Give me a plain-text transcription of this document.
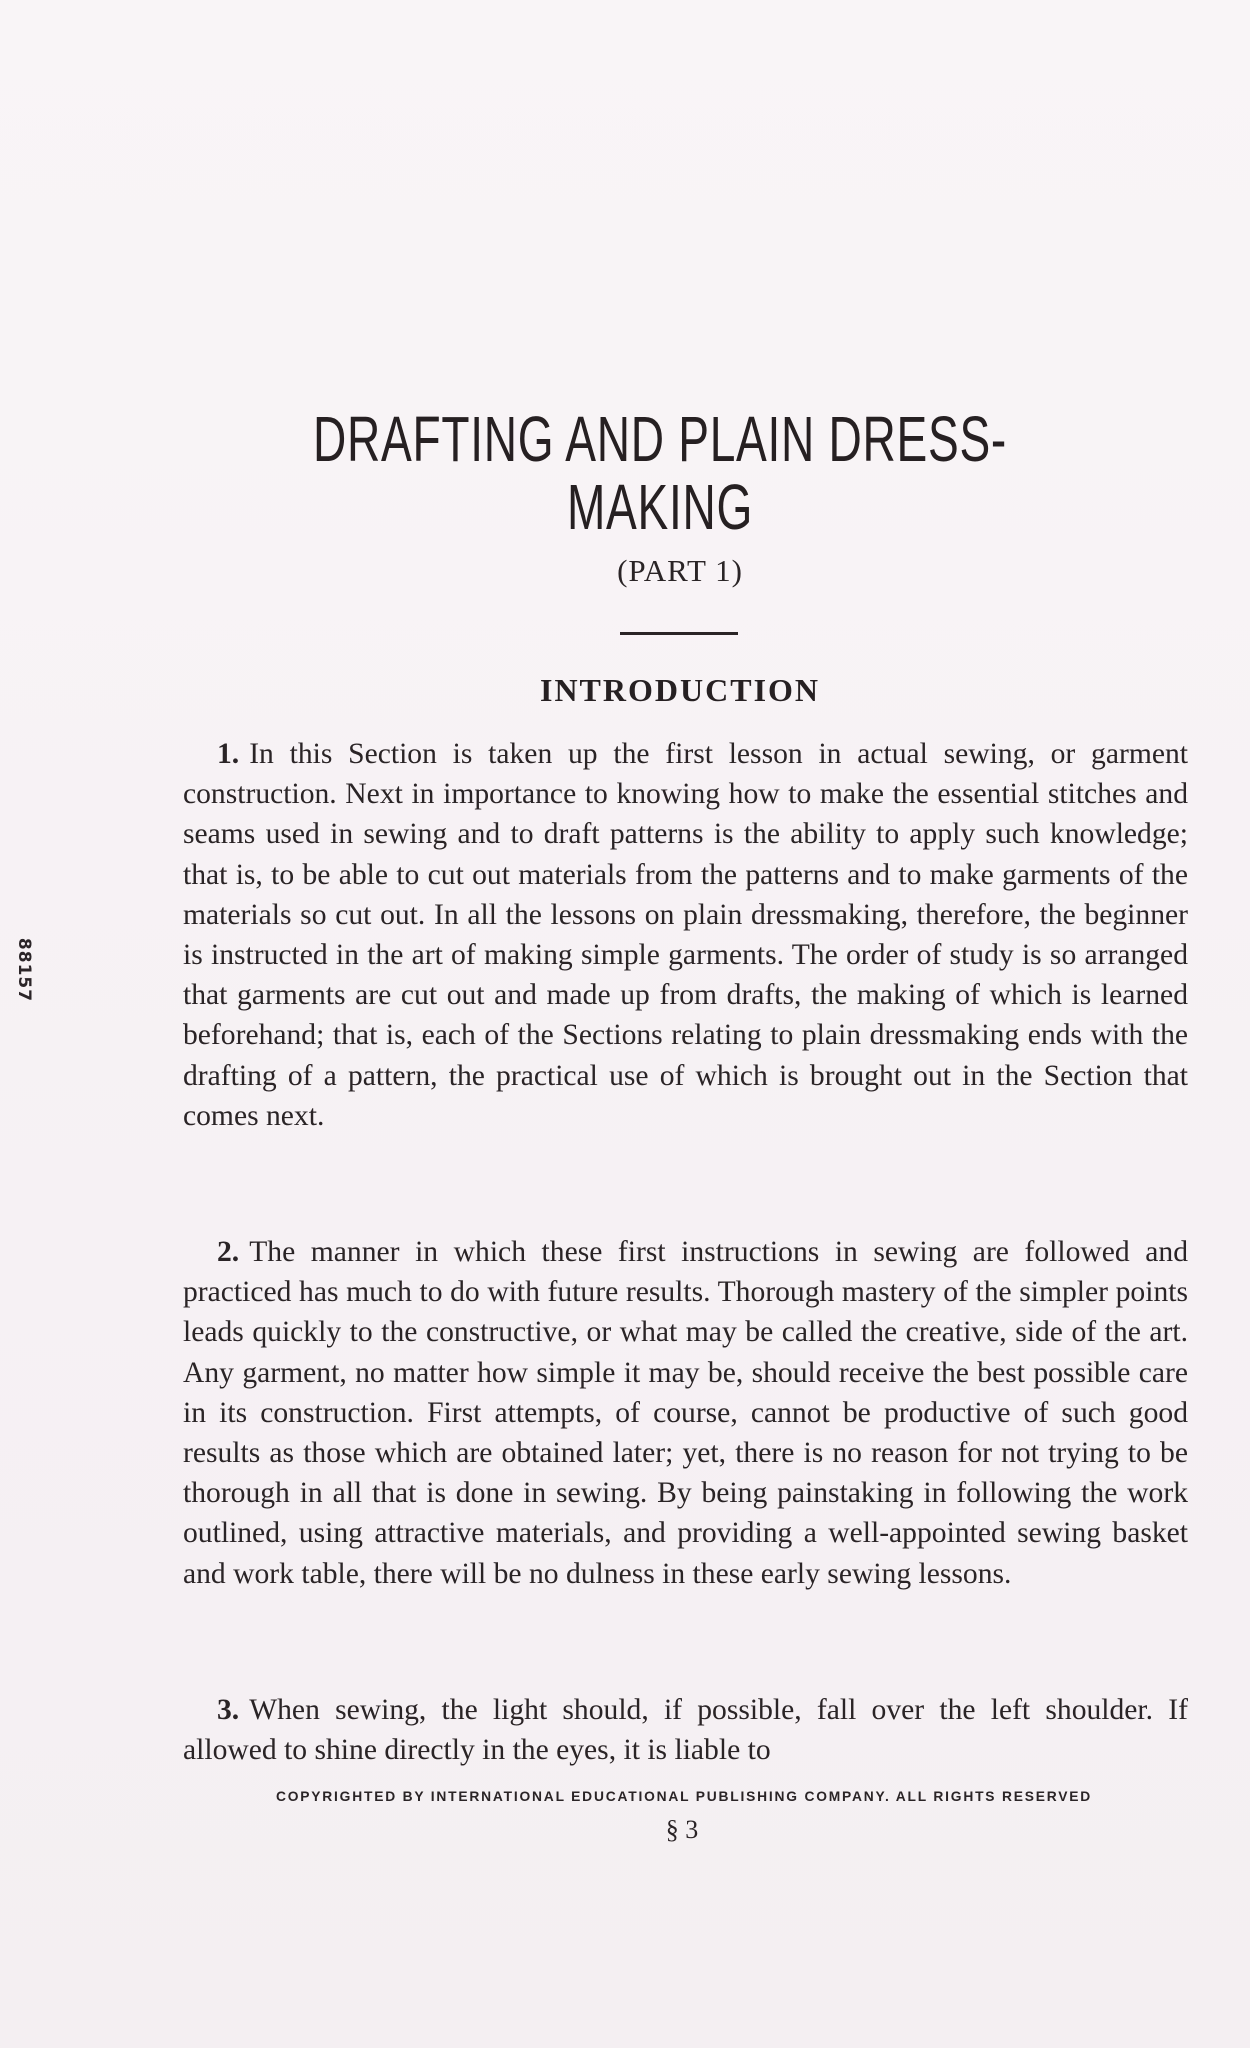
88157
DRAFTING AND PLAIN DRESS-
MAKING
(PART 1)
INTRODUCTION

1. In this Section is taken up the first lesson in actual sewing, or garment construction. Next in importance to knowing how to make the essential stitches and seams used in sewing and to draft patterns is the ability to apply such knowledge; that is, to be able to cut out materials from the patterns and to make garments of the materials so cut out. In all the lessons on plain dressmaking, therefore, the beginner is instructed in the art of making simple garments. The order of study is so arranged that garments are cut out and made up from drafts, the making of which is learned beforehand; that is, each of the Sections relating to plain dressmaking ends with the drafting of a pattern, the practical use of which is brought out in the Section that comes next.

2. The manner in which these first instructions in sewing are followed and practiced has much to do with future results. Thorough mastery of the simpler points leads quickly to the constructive, or what may be called the creative, side of the art. Any garment, no matter how simple it may be, should receive the best possible care in its construction. First attempts, of course, cannot be productive of such good results as those which are obtained later; yet, there is no reason for not trying to be thorough in all that is done in sewing. By being painstaking in following the work outlined, using attractive materials, and providing a well-appointed sewing basket and work table, there will be no dulness in these early sewing lessons.

3. When sewing, the light should, if possible, fall over the left shoulder. If allowed to shine directly in the eyes, it is liable to

COPYRIGHTED BY INTERNATIONAL EDUCATIONAL PUBLISHING COMPANY. ALL RIGHTS RESERVED
§ 3
